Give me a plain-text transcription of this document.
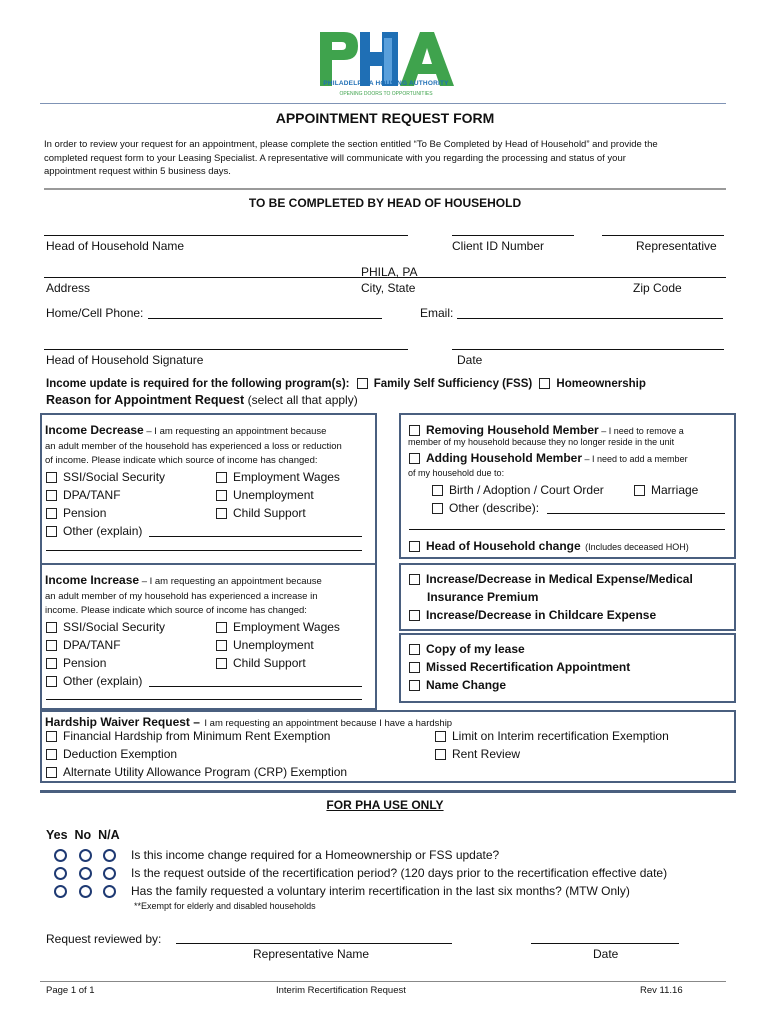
PHILADELPHIA HOUSING AUTHORITY
OPENING DOORS TO OPPORTUNITIES
APPOINTMENT REQUEST FORM
In order to review your request for an appointment, please complete the section entitled “To Be Completed by Head of Household” and provide the
completed request form to your Leasing Specialist. A representative will communicate with you regarding the processing and status of your
appointment request within 5 business days.
TO BE COMPLETED BY HEAD OF HOUSEHOLD
Head of Household Name	Client ID Number	Representative
PHILA, PA
Address	City, State	Zip Code
Home/Cell Phone:	Email:
Head of Household Signature	Date
Income update is required for the following program(s): Family Self Sufficiency (FSS) Homeownership
Reason for Appointment Request (select all that apply)
Income Decrease – I am requesting an appointment because
an adult member of the household has experienced a loss or reduction
of income. Please indicate which source of income has changed:
SSI/Social Security	Employment Wages
DPA/TANF	Unemployment
Pension	Child Support
Other (explain)
Income Increase – I am requesting an appointment because
an adult member of my household has experienced a increase in
income. Please indicate which source of income has changed:
SSI/Social Security	Employment Wages
DPA/TANF	Unemployment
Pension	Child Support
Other (explain)
Removing Household Member – I need to remove a
member of my household because they no longer reside in the unit
Adding Household Member – I need to add a member
of my household due to:
Birth / Adoption / Court Order	Marriage
Other (describe):
Head of Household change (Includes deceased HOH)
Increase/Decrease in Medical Expense/Medical
Insurance Premium
Increase/Decrease in Childcare Expense
Copy of my lease
Missed Recertification Appointment
Name Change
Hardship Waiver Request – I am requesting an appointment because I have a hardship
Financial Hardship from Minimum Rent Exemption	Limit on Interim recertification Exemption
Deduction Exemption	Rent Review
Alternate Utility Allowance Program (CRP) Exemption
FOR PHA USE ONLY
Yes  No  N/A
Is this income change required for a Homeownership or FSS update?
Is the request outside of the recertification period? (120 days prior to the recertification effective date)
Has the family requested a voluntary interim recertification in the last six months? (MTW Only)
**Exempt for elderly and disabled households
Request reviewed by:
Representative Name	Date
Page 1 of 1	Interim Recertification Request	Rev 11.16
